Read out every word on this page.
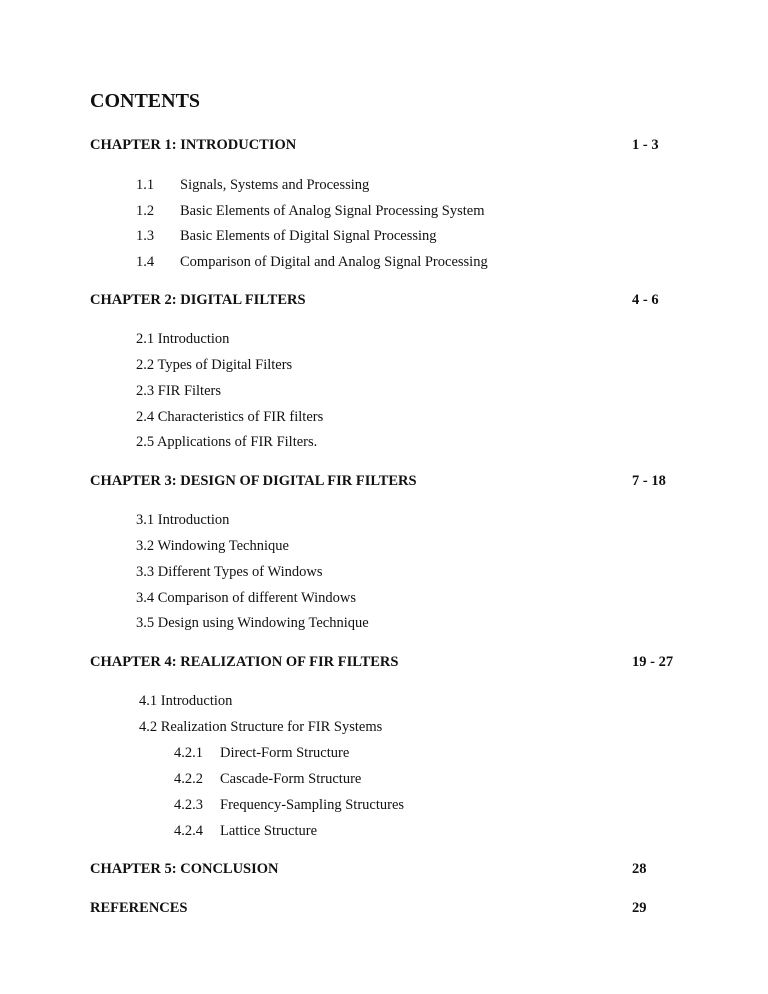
CONTENTS
CHAPTER 1: INTRODUCTION	1 - 3
1.1 Signals, Systems and Processing
1.2 Basic Elements of Analog Signal Processing System
1.3 Basic Elements of Digital Signal Processing
1.4 Comparison of Digital and Analog Signal Processing
CHAPTER 2: DIGITAL FILTERS	4 - 6
2.1 Introduction
2.2 Types of Digital Filters
2.3 FIR Filters
2.4 Characteristics of FIR filters
2.5 Applications of FIR Filters.
CHAPTER 3: DESIGN OF DIGITAL FIR FILTERS	7 - 18
3.1 Introduction
3.2 Windowing Technique
3.3 Different Types of Windows
3.4 Comparison of different Windows
3.5 Design using Windowing Technique
CHAPTER 4: REALIZATION OF FIR FILTERS	19 - 27
4.1 Introduction
4.2 Realization Structure for FIR Systems
4.2.1 Direct-Form Structure
4.2.2 Cascade-Form Structure
4.2.3 Frequency-Sampling Structures
4.2.4 Lattice Structure
CHAPTER 5: CONCLUSION	28
REFERENCES	29
